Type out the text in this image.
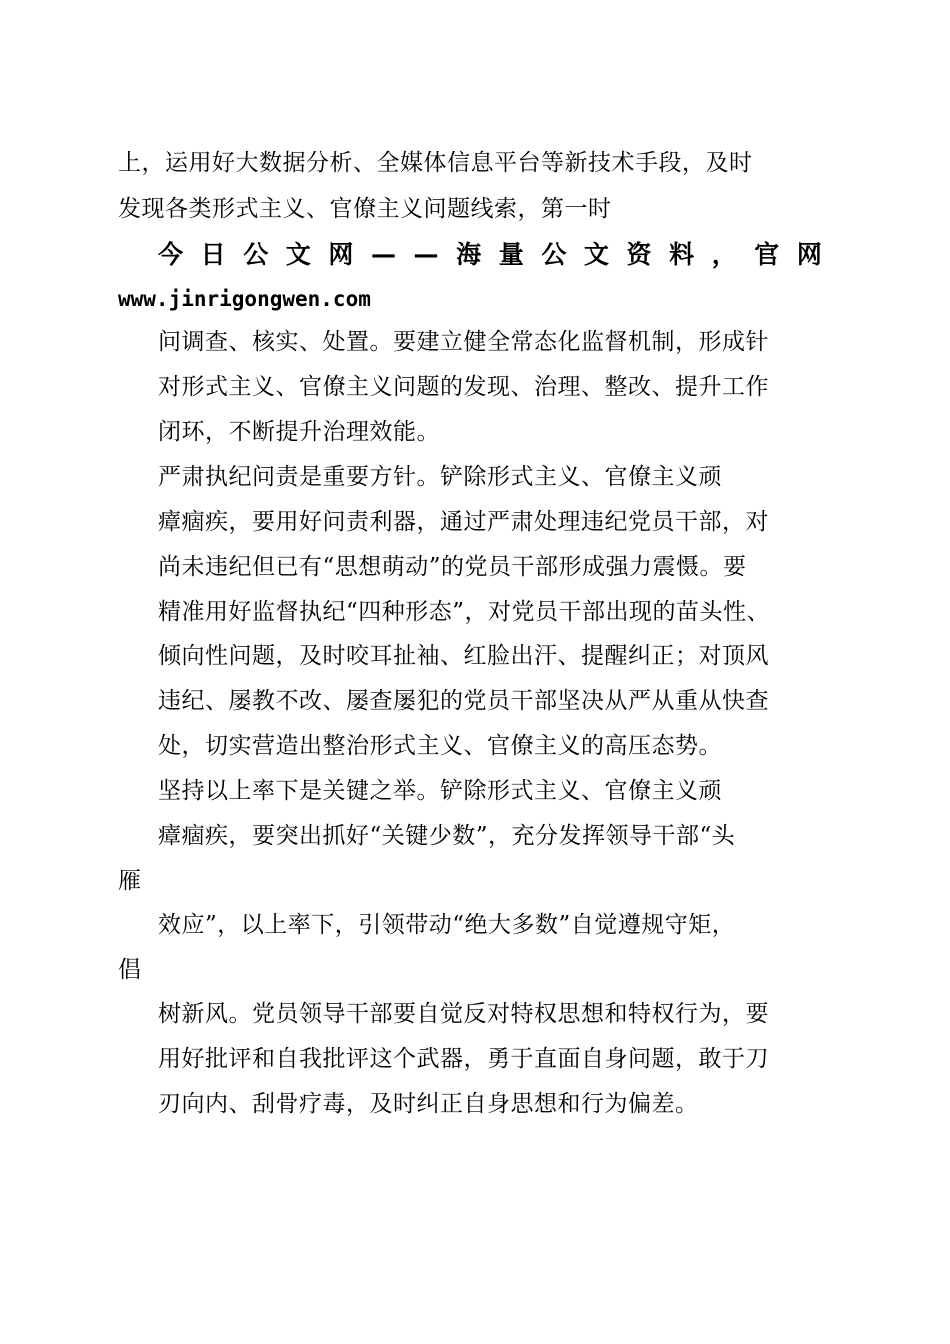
上，运用好大数据分析、全媒体信息平台等新技术手段，及时
发现各类形式主义、官僚主义问题线索，第一时
今 日 公 文 网 — — 海 量 公 文 资 料 ， 官 网
www.jinrigongwen.com
问调查、核实、处置。要建立健全常态化监督机制，形成针
对形式主义、官僚主义问题的发现、治理、整改、提升工作
闭环，不断提升治理效能。
严肃执纪问责是重要方针。铲除形式主义、官僚主义顽
瘴痼疾，要用好问责利器，通过严肃处理违纪党员干部，对
尚未违纪但已有“思想萌动”的党员干部形成强力震慑。要
精准用好监督执纪“四种形态”，对党员干部出现的苗头性、
倾向性问题，及时咬耳扯袖、红脸出汗、提醒纠正；对顶风
违纪、屡教不改、屡查屡犯的党员干部坚决从严从重从快查
处，切实营造出整治形式主义、官僚主义的高压态势。
坚持以上率下是关键之举。铲除形式主义、官僚主义顽
瘴痼疾，要突出抓好“关键少数”，充分发挥领导干部“头
雁
效应”，以上率下，引领带动“绝大多数”自觉遵规守矩，
倡
树新风。党员领导干部要自觉反对特权思想和特权行为，要
用好批评和自我批评这个武器，勇于直面自身问题，敢于刀
刃向内、刮骨疗毒，及时纠正自身思想和行为偏差。
